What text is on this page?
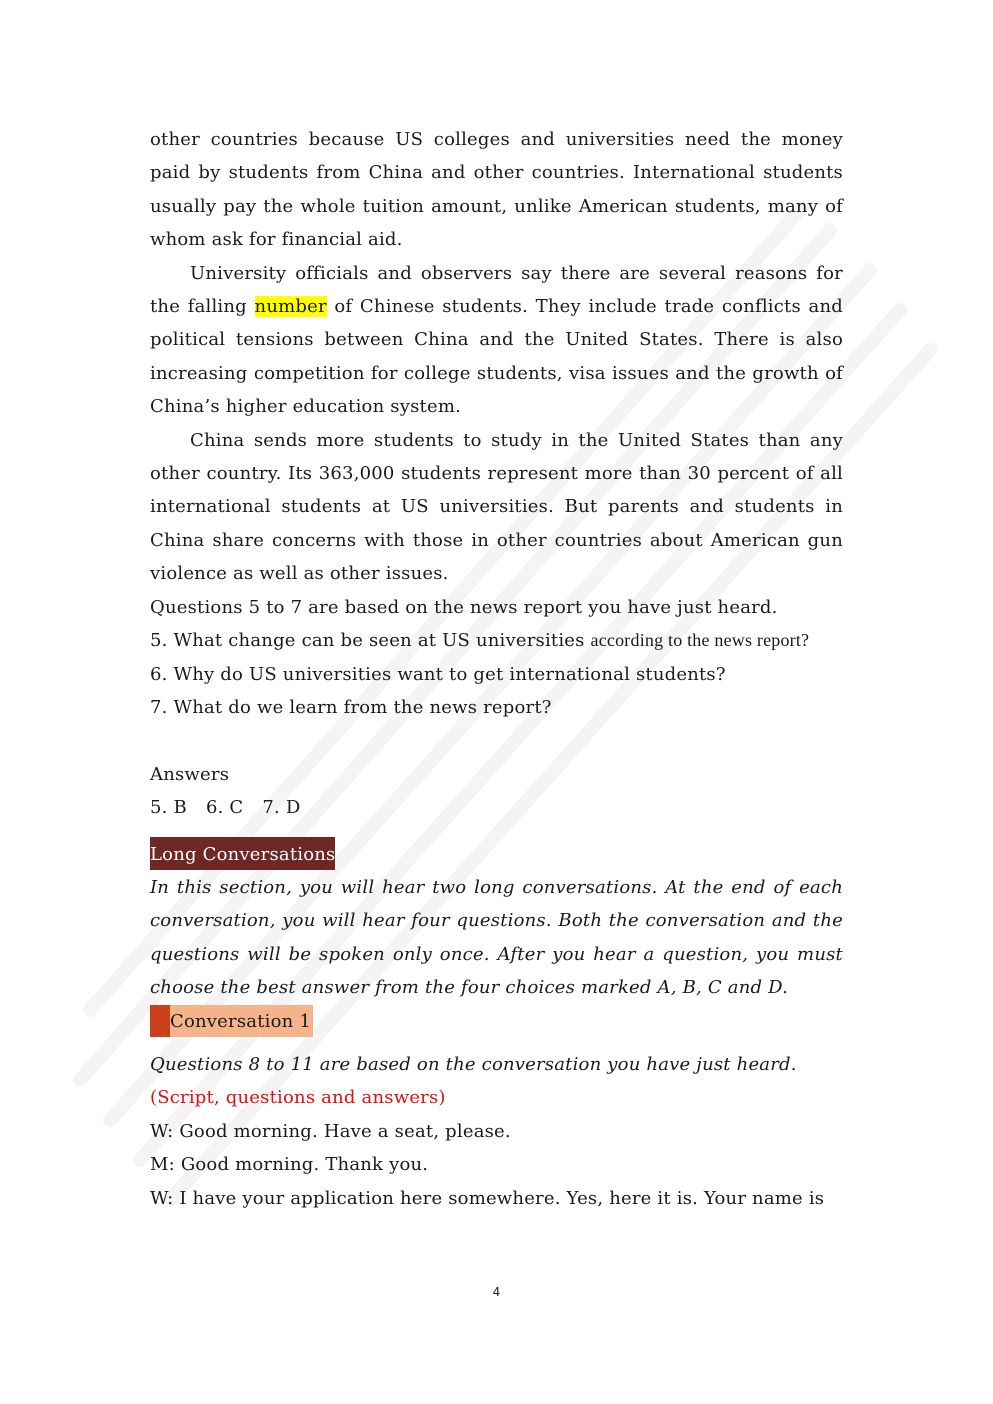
other countries because US colleges and universities need the money paid by students from China and other countries. International students usually pay the whole tuition amount, unlike American students, many of whom ask for financial aid.

University officials and observers say there are several reasons for the falling number of Chinese students. They include trade conflicts and political tensions between China and the United States. There is also increasing competition for college students, visa issues and the growth of China’s higher education system.

China sends more students to study in the United States than any other country. Its 363,000 students represent more than 30 percent of all international students at US universities. But parents and students in China share concerns with those in other countries about American gun violence as well as other issues.

Questions 5 to 7 are based on the news report you have just heard.

5. What change can be seen at US universities according to the news report?

6. Why do US universities want to get international students?

7. What do we learn from the news report?

Answers

5. B 6. C 7. D

Long Conversations

In this section, you will hear two long conversations. At the end of each conversation, you will hear four questions. Both the conversation and the questions will be spoken only once. After you hear a question, you must choose the best answer from the four choices marked A, B, C and D.

Conversation 1

Questions 8 to 11 are based on the conversation you have just heard.

(Script, questions and answers)

W: Good morning. Have a seat, please.

M: Good morning. Thank you.

W: I have your application here somewhere. Yes, here it is. Your name is

4
